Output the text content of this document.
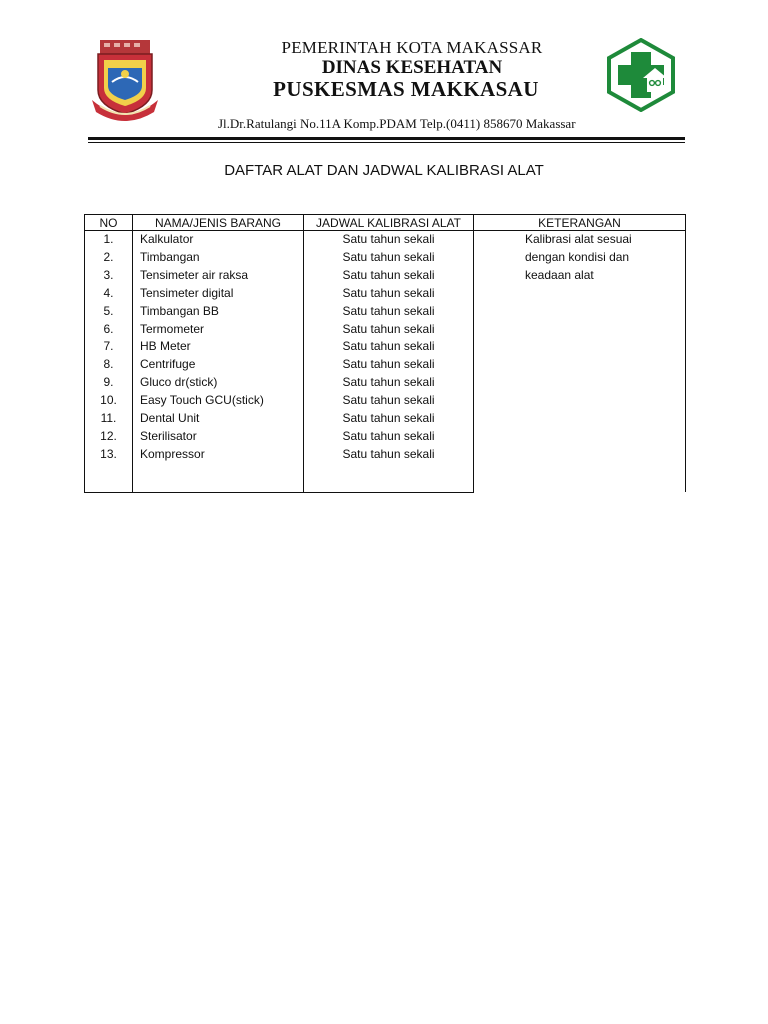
PEMERINTAH KOTA MAKASSAR
DINAS KESEHATAN
PUSKESMAS MAKKASAU
Jl.Dr.Ratulangi No.11A Komp.PDAM Telp.(0411) 858670 Makassar
DAFTAR ALAT DAN JADWAL KALIBRASI ALAT
NO	NAMA/JENIS BARANG	JADWAL KALIBRASI ALAT	KETERANGAN
1.	Kalkulator	Satu tahun sekali	Kalibrasi alat sesuai
dengan kondisi dan
keadaan alat

2.	Timbangan	Satu tahun sekali	
3.	Tensimeter air raksa	Satu tahun sekali	
4.	Tensimeter digital	Satu tahun sekali	
5.	Timbangan BB	Satu tahun sekali	
6.	Termometer	Satu tahun sekali	
7.	HB Meter	Satu tahun sekali	
8.	Centrifuge	Satu tahun sekali	
9.	Gluco dr(stick)	Satu tahun sekali	
10.	Easy Touch GCU(stick)	Satu tahun sekali	
11.	Dental Unit	Satu tahun sekali	
12.	Sterilisator	Satu tahun sekali	
13.	Kompressor	Satu tahun sekali	
